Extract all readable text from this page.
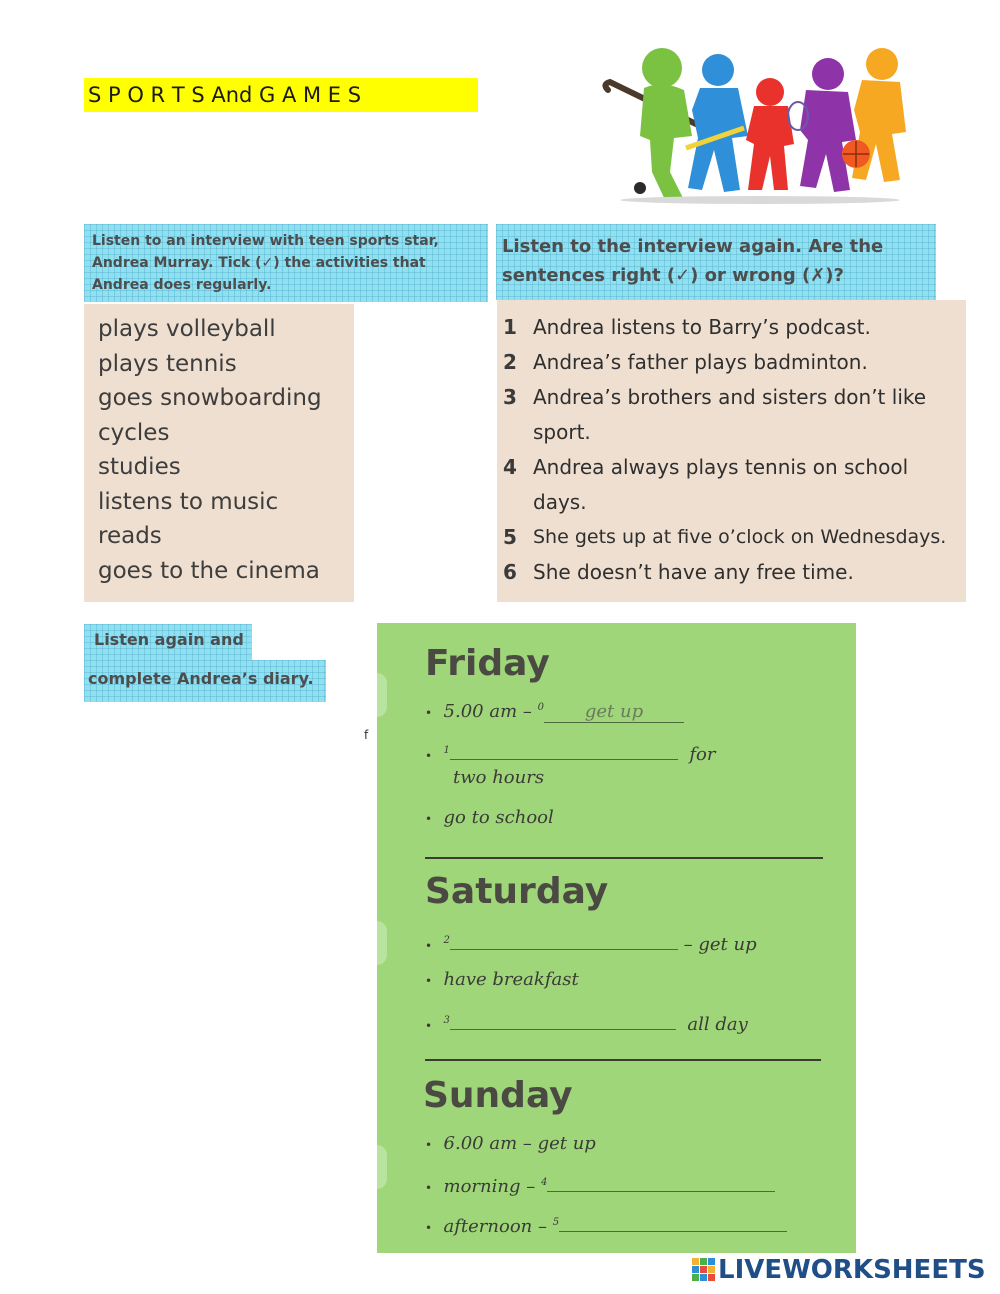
S P O R T S And G A M E S
Listen to an interview with teen sports star, Andrea Murray. Tick (✓) the activities that Andrea does regularly.
plays volleyball
plays tennis
goes snowboarding
cycles
studies
listens to music
reads
goes to the cinema
Listen to the interview again. Are the sentences right (✓) or wrong (✗)?
1 Andrea listens to Barry’s podcast.
2 Andrea’s father plays badminton.
3 Andrea’s brothers and sisters don’t like sport.
4 Andrea always plays tennis on school days.
5 She gets up at five o’clock on Wednesdays.
6 She doesn’t have any free time.
Listen again and
complete Andrea’s diary.
f
Friday
• 5.00 am – $^0$ get up
• $^1$	for
two hours
• go to school
Saturday
• $^2$	– get up
• have breakfast
• $^3$	all day
Sunday
• 6.00 am – get up
• morning – $^4$
• afternoon – $^5$
LIVEWORKSHEETS
